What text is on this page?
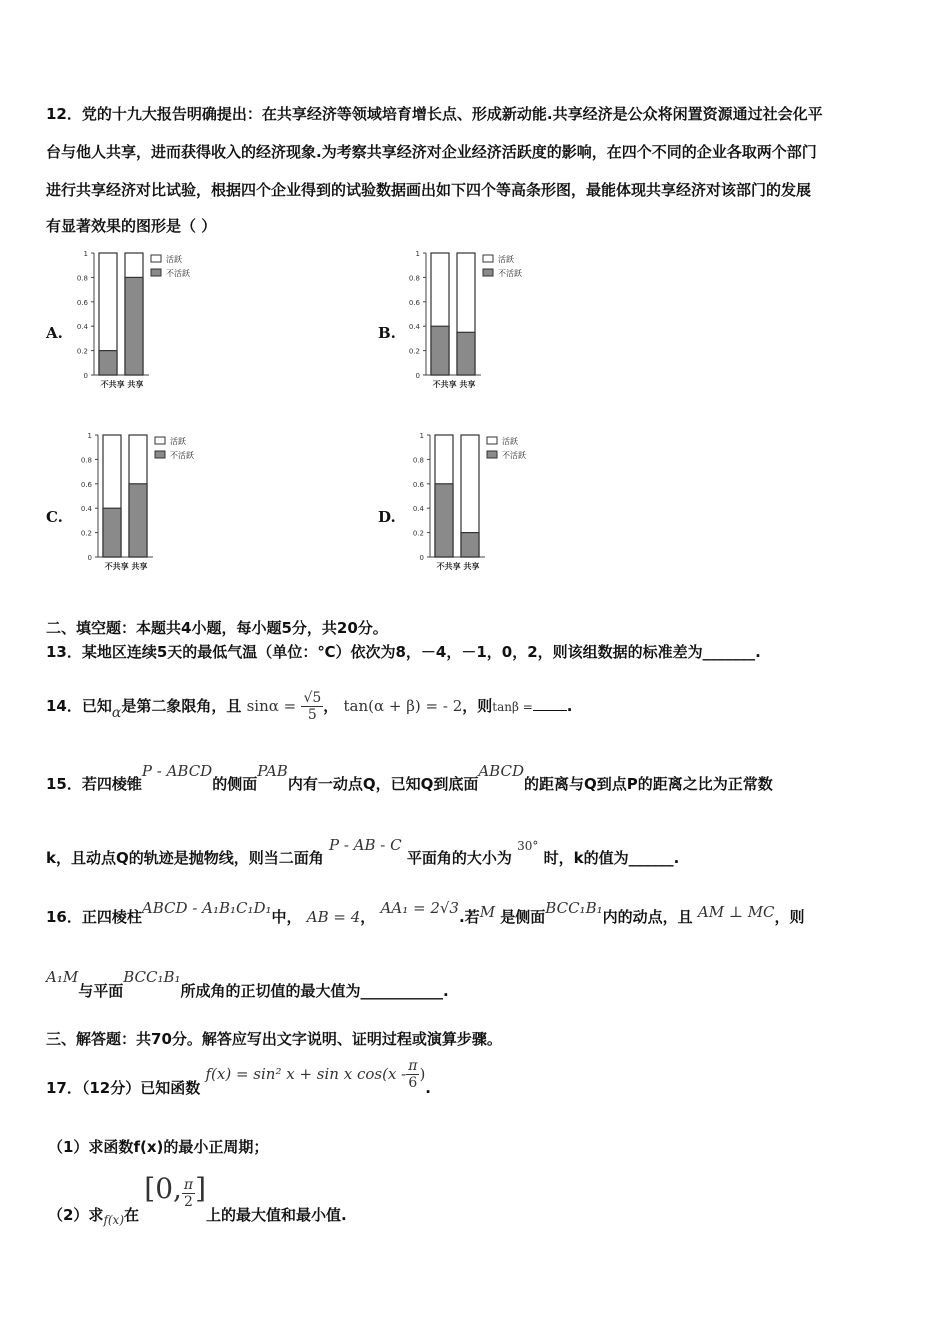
12．党的十九大报告明确提出：在共享经济等领域培育增长点、形成新动能.共享经济是公众将闲置资源通过社会化平
台与他人共享，进而获得收入的经济现象.为考察共享经济对企业经济活跃度的影响，在四个不同的企业各取两个部门
进行共享经济对比试验，根据四个企业得到的试验数据画出如下四个等高条形图，最能体现共享经济对该部门的发展
有显著效果的图形是（ ）
A.	B.
C.	D.
0
0.2
0.4
0.6
0.8
1
不共享 共享
活跃
不活跃
0
0.2
0.4
0.6
0.8
1
不共享 共享
活跃
不活跃
0
0.2
0.4
0.6
0.8
1
不共享 共享
活跃
不活跃
0
0.2
0.4
0.6
0.8
1
不共享 共享
活跃
不活跃
二、填空题：本题共4小题，每小题5分，共20分。
13．某地区连续5天的最低气温（单位：℃）依次为8，－4，－1，0，2，则该组数据的标准差为_______.
14．已知α是第二象限角，且 $\sin\alpha = \frac{√5}{5}$ ， tan(α + β) = - 2，则tanβ = .
15．若四棱锥P - ABCD的侧面PAB内有一动点Q，已知Q到底面ABCD的距离与Q到点P的距离之比为正常数
k，且动点Q的轨迹是抛物线，则当二面角 P - AB - C 平面角的大小为 30° 时，k的值为______.
16．正四棱柱ABCD - A₁B₁C₁D₁中， AB = 4， AA₁ = 2√3.若M 是侧面BCC₁B₁内的动点，且 AM ⊥ MC，则
A₁M与平面BCC₁B₁所成角的正切值的最大值为___________.
三、解答题：共70分。解答应写出文字说明、证明过程或演算步骤。
17．（12分）已知函数 f(x) = sin² x + sin x $\cos(x - \frac{\pi}{6}$ ).
（1）求函数f(x)的最小正周期；
（2）求$_{f(x)}$在 [0, $\frac{\pi}{2}$ ]上的最大值和最小值.
